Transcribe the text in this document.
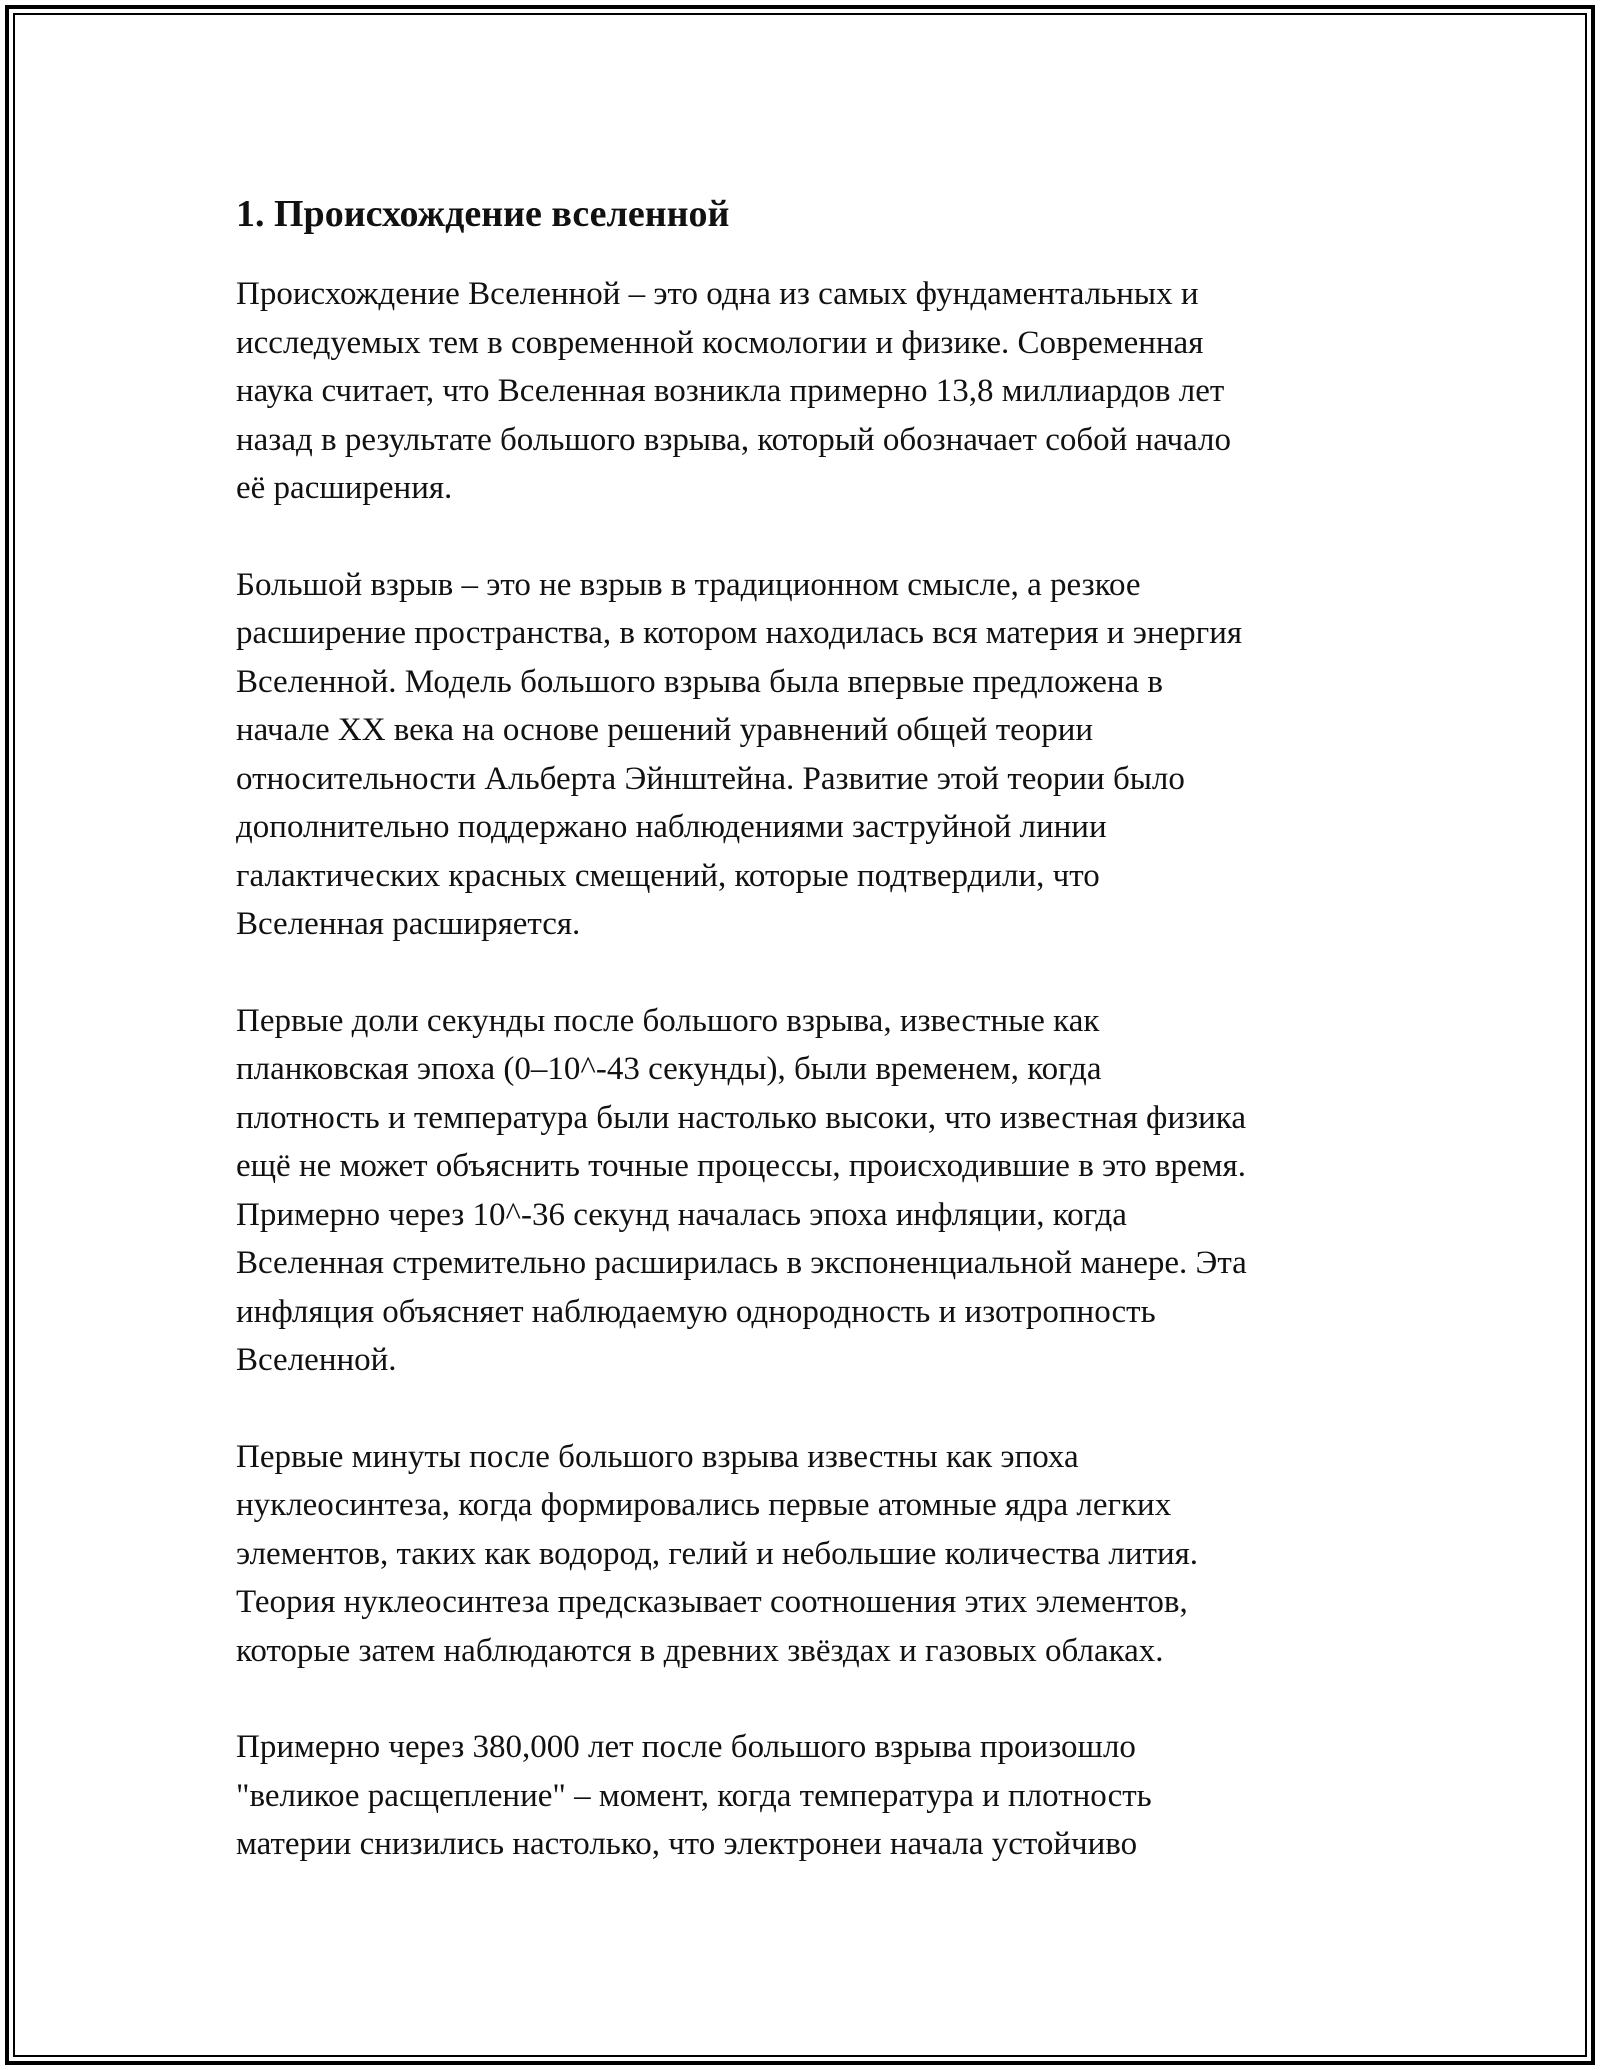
1. Происхождение вселенной

Происхождение Вселенной – это одна из самых фундаментальных и
исследуемых тем в современной космологии и физике. Современная
наука считает, что Вселенная возникла примерно 13,8 миллиардов лет
назад в результате большого взрыва, который обозначает собой начало
её расширения.

Большой взрыв – это не взрыв в традиционном смысле, а резкое
расширение пространства, в котором находилась вся материя и энергия
Вселенной. Модель большого взрыва была впервые предложена в
начале XX века на основе решений уравнений общей теории
относительности Альберта Эйнштейна. Развитие этой теории было
дополнительно поддержано наблюдениями заструйной линии
галактических красных смещений, которые подтвердили, что
Вселенная расширяется.

Первые доли секунды после большого взрыва, известные как
планковская эпоха (0–10^-43 секунды), были временем, когда
плотность и температура были настолько высоки, что известная физика
ещё не может объяснить точные процессы, происходившие в это время.
Примерно через 10^-36 секунд началась эпоха инфляции, когда
Вселенная стремительно расширилась в экспоненциальной манере. Эта
инфляция объясняет наблюдаемую однородность и изотропность
Вселенной.

Первые минуты после большого взрыва известны как эпоха
нуклеосинтеза, когда формировались первые атомные ядра легких
элементов, таких как водород, гелий и небольшие количества лития.
Теория нуклеосинтеза предсказывает соотношения этих элементов,
которые затем наблюдаются в древних звёздах и газовых облаках.

Примерно через 380,000 лет после большого взрыва произошло
"великое расщепление" – момент, когда температура и плотность
материи снизились настолько, что электронеи начала устойчиво
